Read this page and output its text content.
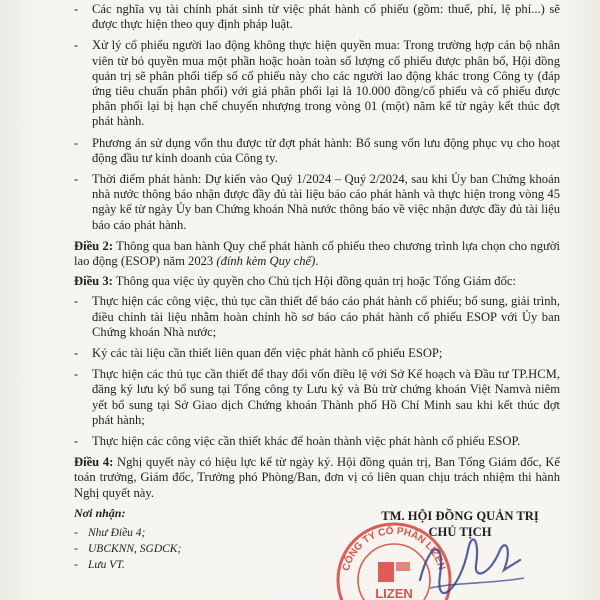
- Các nghĩa vụ tài chính phát sinh từ việc phát hành cổ phiếu (gồm: thuế, phí, lệ phí...) sẽ được thực hiện theo quy định pháp luật.
- Xử lý cổ phiếu người lao động không thực hiện quyền mua: Trong trường hợp cán bộ nhân viên từ bỏ quyền mua một phần hoặc hoàn toàn số lượng cổ phiếu được phân bổ, Hội đồng quản trị sẽ phân phối tiếp số cổ phiếu này cho các người lao động khác trong Công ty (đáp ứng tiêu chuẩn phân phối) với giá phân phối lại là 10.000 đồng/cổ phiếu và cổ phiếu được phân phối lại bị hạn chế chuyển nhượng trong vòng 01 (một) năm kể từ ngày kết thúc đợt phát hành.
- Phương án sử dụng vốn thu được từ đợt phát hành: Bổ sung vốn lưu động phục vụ cho hoạt động đầu tư kinh doanh của Công ty.
- Thời điểm phát hành: Dự kiến vào Quý 1/2024 – Quý 2/2024, sau khi Ủy ban Chứng khoán nhà nước thông báo nhận được đầy đủ tài liệu báo cáo phát hành và thực hiện trong vòng 45 ngày kể từ ngày Ủy ban Chứng khoán Nhà nước thông báo về việc nhận được đầy đủ tài liệu báo cáo phát hành.
Điều 2: Thông qua ban hành Quy chế phát hành cổ phiếu theo chương trình lựa chọn cho người lao động (ESOP) năm 2023 (đính kèm Quy chế).
Điều 3: Thông qua việc ủy quyền cho Chủ tịch Hội đồng quản trị hoặc Tổng Giám đốc:
- Thực hiện các công việc, thủ tục cần thiết để báo cáo phát hành cổ phiếu; bổ sung, giải trình, điều chỉnh tài liệu nhằm hoàn chỉnh hồ sơ báo cáo phát hành cổ phiếu ESOP với Ủy ban Chứng khoán Nhà nước;
- Ký các tài liệu cần thiết liên quan đến việc phát hành cổ phiếu ESOP;
- Thực hiện các thủ tục cần thiết để thay đổi vốn điều lệ với Sở Kế hoạch và Đầu tư TP.HCM, đăng ký lưu ký bổ sung tại Tổng công ty Lưu ký và Bù trừ chứng khoán Việt Namvà niêm yết bổ sung tại Sở Giao dịch Chứng khoán Thành phố Hồ Chí Minh sau khi kết thúc đợt phát hành;
- Thực hiện các công việc cần thiết khác để hoàn thành việc phát hành cổ phiếu ESOP.
Điều 4: Nghị quyết này có hiệu lực kể từ ngày ký. Hội đồng quản trị, Ban Tổng Giám đốc, Kế toán trưởng, Giám đốc, Trưởng phó Phòng/Ban, đơn vị có liên quan chịu trách nhiệm thi hành Nghị quyết này.
Nơi nhận:
- Như Điều 4;
- UBCKNN, SGDCK;
- Lưu VT.	CÔNG TY CỔ PHẦN LIZEN
LIZEN
TM. HỘI ĐỒNG QUẢN TRỊ
CHỦ TỊCH
